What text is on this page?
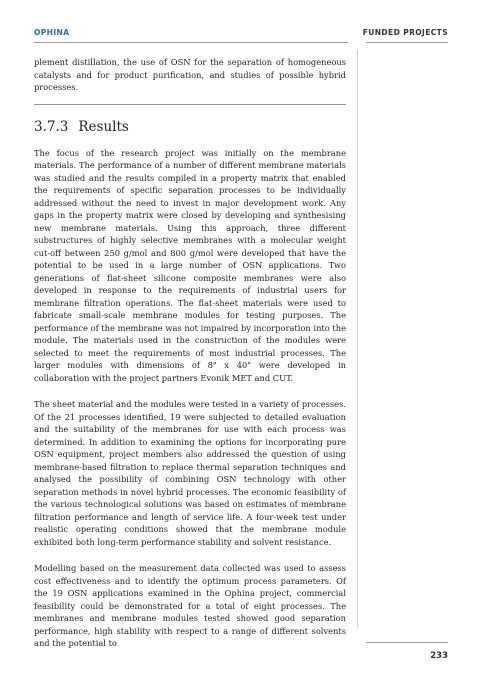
OPHINA	FUNDED PROJECTS

plement distillation, the use of OSN for the separation of homogeneous catalysts and for product purification, and studies of possible hybrid processes.

3.7.3 Results

The focus of the research project was initially on the membrane materials. The performance of a number of different membrane materials was studied and the results compiled in a property matrix that enabled the requirements of specific separation processes to be individually addressed without the need to invest in major development work. Any gaps in the property matrix were closed by developing and synthesising new membrane materials. Using this approach, three different substructures of highly selective membranes with a molecular weight cut-off between 250 g/mol and 800 g/mol were developed that have the potential to be used in a large number of OSN applications. Two generations of flat-sheet silicone composite membranes were also developed in response to the requirements of industrial users for membrane filtration operations. The flat-sheet materials were used to fabricate small-scale membrane modules for testing purposes. The performance of the membrane was not impaired by incorporation into the module. The materials used in the construction of the modules were selected to meet the requirements of most industrial processes. The larger modules with dimensions of 8" x 40" were developed in collaboration with the project partners Evonik MET and CUT.

The sheet material and the modules were tested in a variety of processes. Of the 21 processes identified, 19 were subjected to detailed evaluation and the suitability of the membranes for use with each process was determined. In addition to examining the options for incorporating pure OSN equipment, project members also addressed the question of using membrane-based filtration to replace thermal separation techniques and analysed the possibility of combining OSN technology with other separation methods in novel hybrid processes. The economic feasibility of the various technological solutions was based on estimates of membrane filtration performance and length of service life. A four-week test under realistic operating conditions showed that the membrane module exhibited both long-term performance stability and solvent resistance.

Modelling based on the measurement data collected was used to assess cost effectiveness and to identify the optimum process parameters. Of the 19 OSN applications examined in the Ophina project, commercial feasibility could be demonstrated for a total of eight processes. The membranes and membrane modules tested showed good separation performance, high stability with respect to a range of different solvents and the potential to

233
